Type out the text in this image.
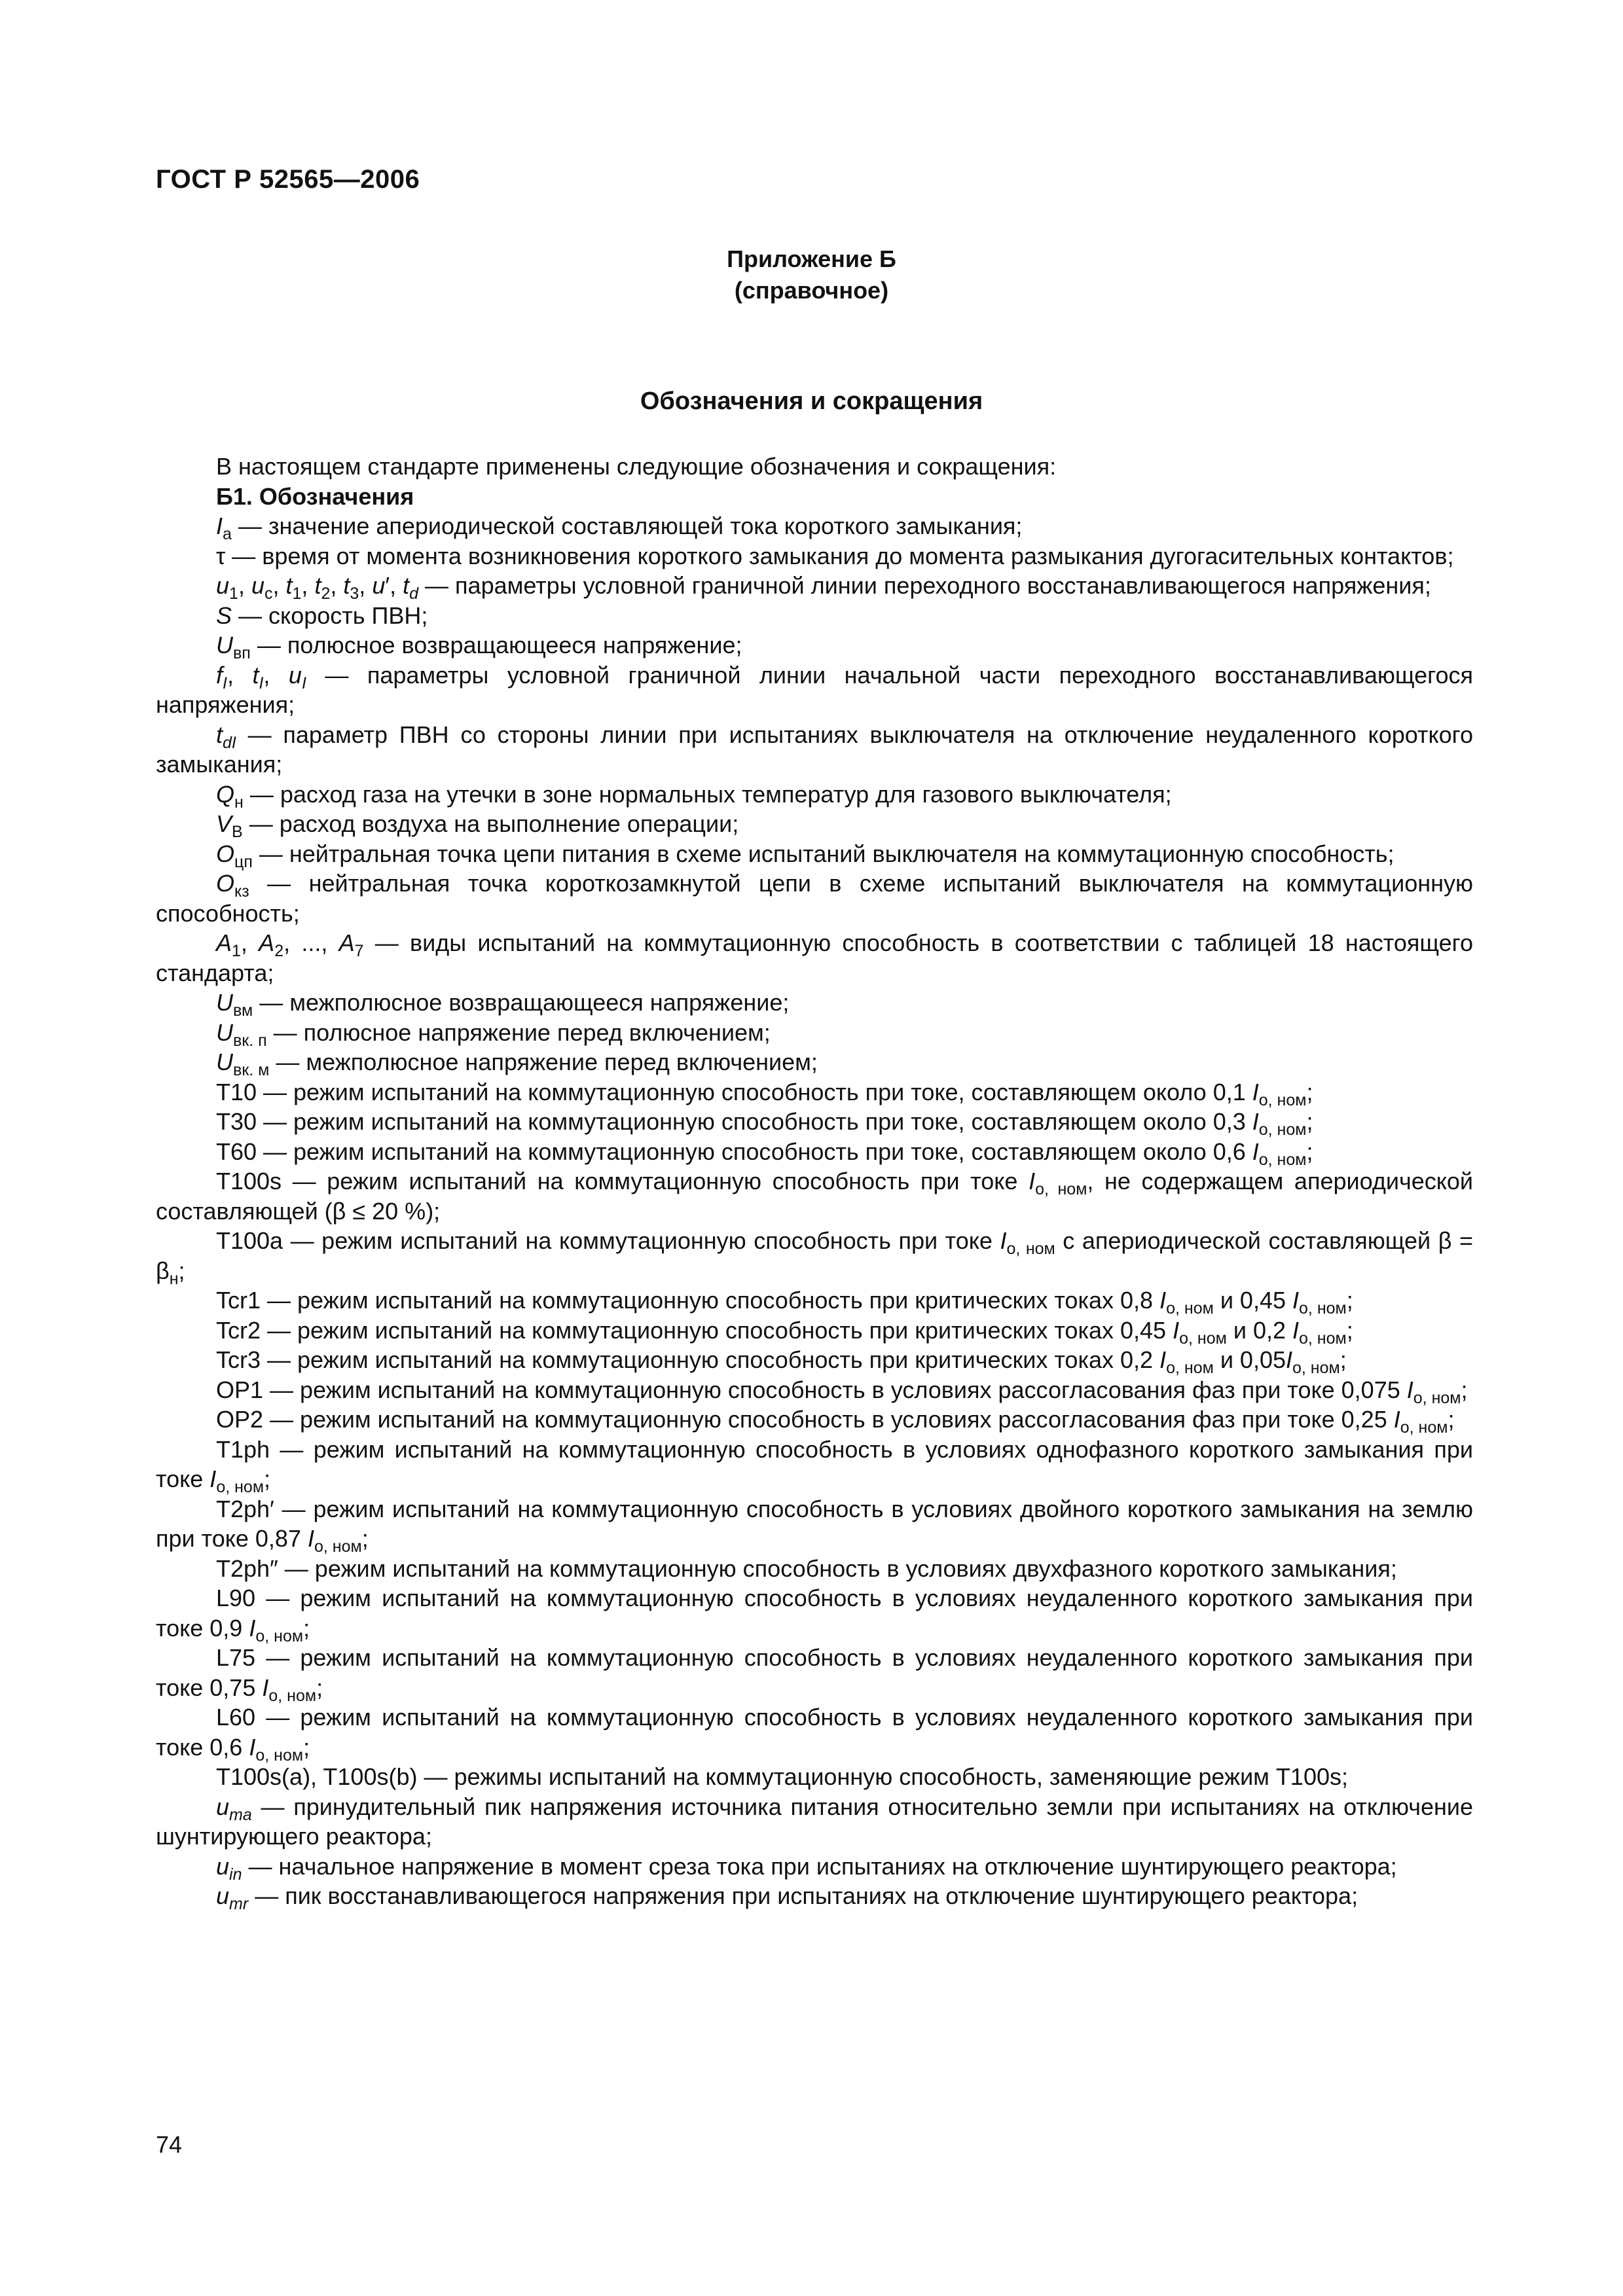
ГОСТ Р 52565—2006
Приложение Б
(справочное)
Обозначения и сокращения

В настоящем стандарте применены следующие обозначения и сокращения:

Б1. Обозначения

$I_а$ — значение апериодической составляющей тока короткого замыкания;

τ — время от момента возникновения короткого замыкания до момента размыкания дугогасительных контактов;

$u_1$, $u_c$, $t_1$, $t_2$, $t_3$, u′, $t_d$ — параметры условной граничной линии переходного восстанавливающегося напряжения;

S — скорость ПВН;

$U_{вп}$ — полюсное возвращающееся напряжение;

$f_I$, $t_I$, $u_I$ — параметры условной граничной линии начальной части переходного восстанавливающегося напряжения;

$t_{dI}$ — параметр ПВН со стороны линии при испытаниях выключателя на отключение неудаленного короткого замыкания;

$Q_н$ — расход газа на утечки в зоне нормальных температур для газового выключателя;

$V_B$ — расход воздуха на выполнение операции;

$O_{цп}$ — нейтральная точка цепи питания в схеме испытаний выключателя на коммутационную способность;

$O_{кз}$ — нейтральная точка короткозамкнутой цепи в схеме испытаний выключателя на коммутационную способность;

$A_1$, $A_2$, ..., $A_7$ — виды испытаний на коммутационную способность в соответствии с таблицей 18 настоящего стандарта;

$U_{вм}$ — межполюсное возвращающееся напряжение;

$U_{вк. п}$ — полюсное напряжение перед включением;

$U_{вк. м}$ — межполюсное напряжение перед включением;

T10 — режим испытаний на коммутационную способность при токе, составляющем около 0,1 $I_{о, ном}$;

T30 — режим испытаний на коммутационную способность при токе, составляющем около 0,3 $I_{о, ном}$;

T60 — режим испытаний на коммутационную способность при токе, составляющем около 0,6 $I_{о, ном}$;

T100s — режим испытаний на коммутационную способность при токе $I_{о, ном}$, не содержащем апериодической составляющей (β ≤ 20 %);

T100a — режим испытаний на коммутационную способность при токе $I_{о, ном}$ с апериодической составляющей $\beta = \beta_н$;

Tcr1 — режим испытаний на коммутационную способность при критических токах 0,8 $I_{о, ном}$ и 0,45 $I_{о, ном}$;

Tcr2 — режим испытаний на коммутационную способность при критических токах 0,45 $I_{о, ном}$ и 0,2 $I_{о, ном}$;

Tcr3 — режим испытаний на коммутационную способность при критических токах 0,2 $I_{о, ном}$ и $0,05I_{о, ном}$;

OP1 — режим испытаний на коммутационную способность в условиях рассогласования фаз при токе 0,075 $I_{о, ном}$;

OP2 — режим испытаний на коммутационную способность в условиях рассогласования фаз при токе 0,25 $I_{о, ном}$;

T1ph — режим испытаний на коммутационную способность в условиях однофазного короткого замыкания при токе $I_{о, ном}$;

T2ph′ — режим испытаний на коммутационную способность в условиях двойного короткого замыкания на землю при токе 0,87 $I_{о, ном}$;

T2ph″ — режим испытаний на коммутационную способность в условиях двухфазного короткого замыкания;

L90 — режим испытаний на коммутационную способность в условиях неудаленного короткого замыкания при токе 0,9 $I_{о, ном}$;

L75 — режим испытаний на коммутационную способность в условиях неудаленного короткого замыкания при токе 0,75 $I_{о, ном}$;

L60 — режим испытаний на коммутационную способность в условиях неудаленного короткого замыкания при токе 0,6 $I_{о, ном}$;

T100s(a), T100s(b) — режимы испытаний на коммутационную способность, заменяющие режим T100s;

$u_{ma}$ — принудительный пик напряжения источника питания относительно земли при испытаниях на отключение шунтирующего реактора;

$u_{in}$ — начальное напряжение в момент среза тока при испытаниях на отключение шунтирующего реактора;

$u_{mr}$ — пик восстанавливающегося напряжения при испытаниях на отключение шунтирующего реактора;

74
